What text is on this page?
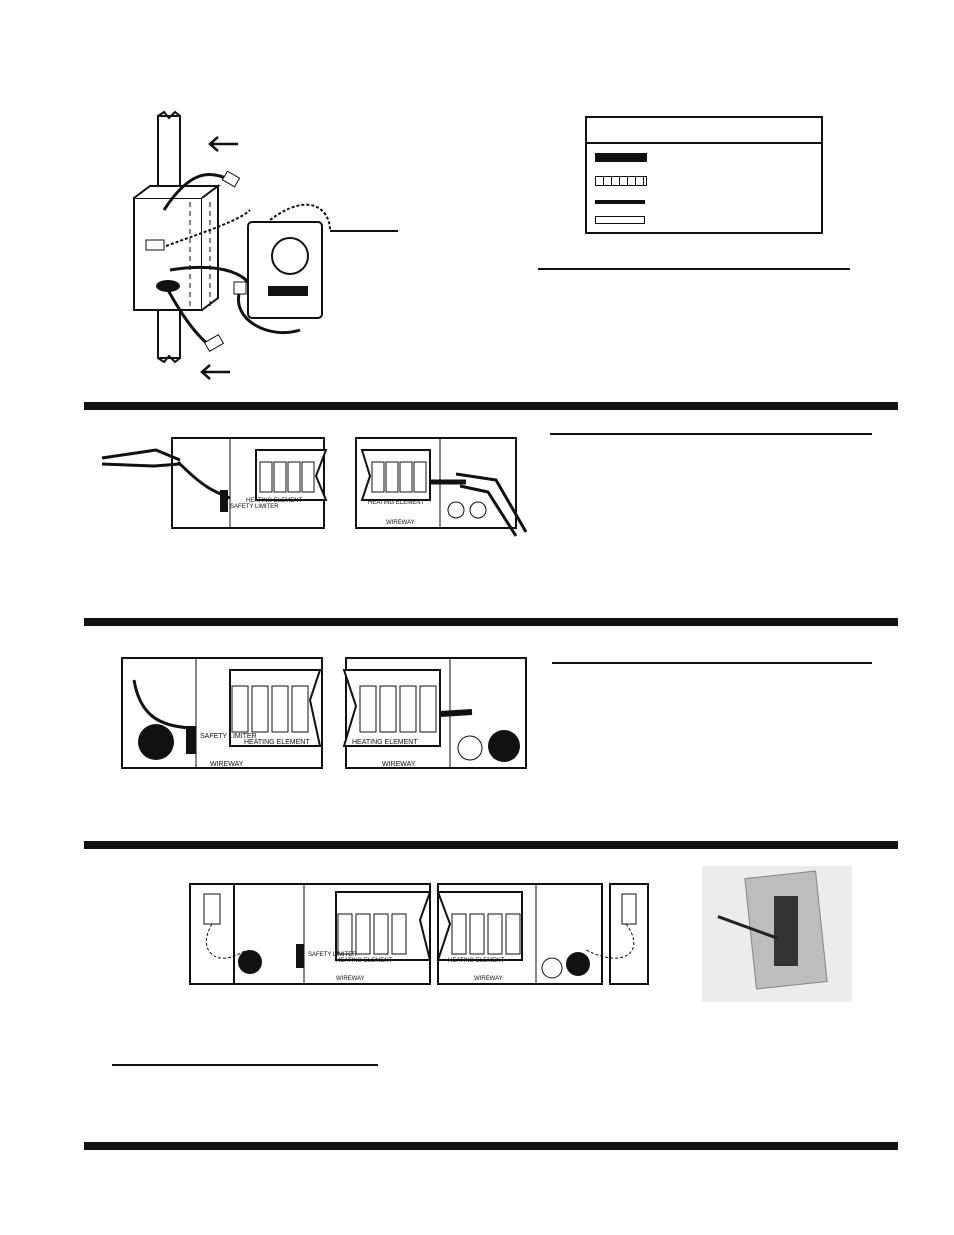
SAFETY LIMITER
HEATING ELEMENT	HEATING ELEMENT
WIREWAY
SAFETY LIMITER
HEATING ELEMENT
WIREWAY
HEATING ELEMENT
WIREWAY
SAFETY LIMITER
HEATING ELEMENT
WIREWAY
HEATING ELEMENT
WIREWAY
